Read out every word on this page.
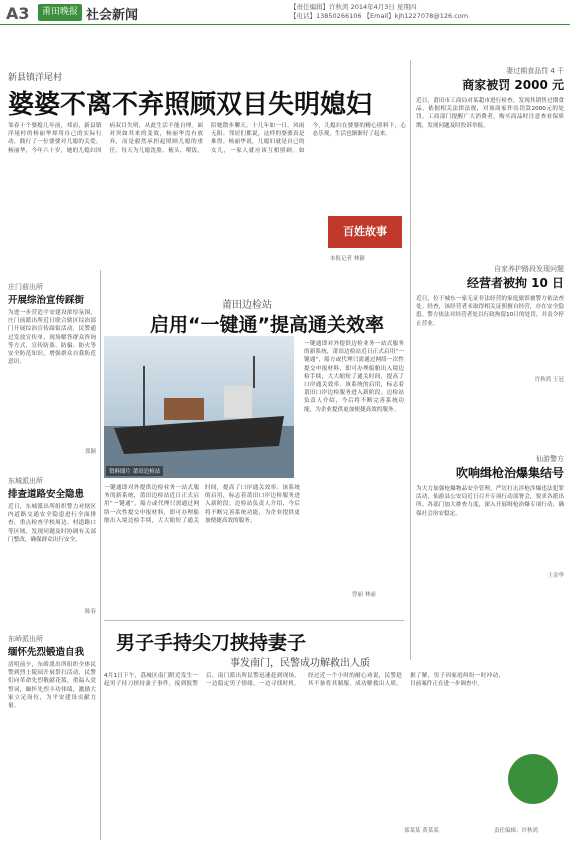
A3	莆田晚报 社会新闻
【责任编辑】许秋鸿 2014年4月3日 星期四
【电话】13850266106 【Email】kjh1227078@126.com
新县镇洋尾村
婆婆不离不弃照顾双目失明媳妇
邹春十个婆媳几年前，邦而，新县镇洋尾村的杨丽华却用自己的实际行动，践行了一位婆婆对儿媳的关爱。杨丽华，今年六十岁，她的儿媳妇因病双目失明，从此生活不能自理。面对突如其来的变故，杨丽华没有放弃，而是毅然承担起照顾儿媳的重任，每天为儿媳洗脸、梳头、喂饭，陪她散步聊天。十几年如一日，风雨无阻。邻居们都说，这样的婆婆真是难得。杨丽华说，儿媳妇就是自己的女儿，一家人就应该互相照顾。如今，儿媳妇在婆婆的精心照料下，心态乐观，生活也渐渐好了起来。
百姓故事
本报记者 林颖
妻过期食品罚 4 千
商家被罚 2000 元
近日，莆田市工商局对某超市进行检查，发现其销售过期食品，依据相关法律法规，对该商家作出罚款2000元的处罚。工商部门提醒广大消费者，购买商品时注意查看保质期，发现问题及时投诉举报。
自家养护路段发现问题
经营者被拘 10 日
近日，位于城东一家无证非法经营的家庭旅馆被警方依法查处。经查，该经营者未取得相关证照擅自经营，存在安全隐患。警方依法对经营者处以行政拘留10日的处罚，并责令停止营业。
许秋鸿 王冠
仙游警方
吹响缉枪治爆集结号
为大力加强枪爆物品安全管理，严厉打击涉枪涉爆违法犯罪活动，仙游县公安局近日召开专项行动部署会，要求各派出所、各部门加大排查力度，深入开展缉枪治爆专项行动，确保社会治安稳定。
王金华
庄门前出所
开展综治宣传踩街
为进一步营造平安建设浓厚氛围，庄门前派出所近日联合辖区综治部门开展综治宣传踩街活动，民警通过发放宣传单、现场解答群众咨询等方式，宣传防盗、防骗、防火等安全防范知识，增强群众自我防范意识。
郑颖
东城派出所
排查道路安全隐患
近日，东城派出所组织警力对辖区内道路交通安全隐患进行全面排查，重点检查学校周边、村道路口等区域，发现问题及时协调有关部门整改，确保群众出行安全。
陈春
东峤派出所
缅怀先烈锻造自我
清明前夕，东峤派出所组织全体民警到烈士陵园开展祭扫活动，民警们向革命先烈敬献花篮，重温入党誓词，缅怀先烈丰功伟绩，激励大家立足岗位，为平安建设贡献力量。
莆田边检站
启用“一键通”提高通关效率
资料图片 莆田边检站
一键通即对外提供边检业务一站式服务的新系统，莆田边检站近日正式启用“一键通”，船方或代理只需通过网络一次性提交申报材料，即可办理船舶出入境边检手续，大大缩短了通关时间，提高了口岸通关效率。该系统的启用，标志着莆田口岸边检服务进入新阶段。边检站负责人介绍，今后将不断完善系统功能，为企业提供更加便捷高效的服务。
一键通即对外提供边检业务一站式服务的新系统，莆田边检站近日正式启用“一键通”，船方或代理只需通过网络一次性提交申报材料，即可办理船舶出入境边检手续，大大缩短了通关时间，提高了口岸通关效率。该系统的启用，标志着莆田口岸边检服务进入新阶段。边检站负责人介绍，今后将不断完善系统功能，为企业提供更加便捷高效的服务。
曾丽 林丽
男子手持尖刀挟持妻子
事发南门，民警成功解救出人质
4月1日下午，荔城区南门附近发生一起男子持刀挟持妻子事件。接到报警后，南门派出所民警迅速赶到现场，一边稳定男子情绪，一边寻找时机。经过近一个小时的耐心劝说，民警趁其不备将其制服，成功解救出人质。据了解，男子因家庭纠纷一时冲动，目前案件正在进一步调查中。
郑某某 黄某某	责任编辑：许秋鸿
